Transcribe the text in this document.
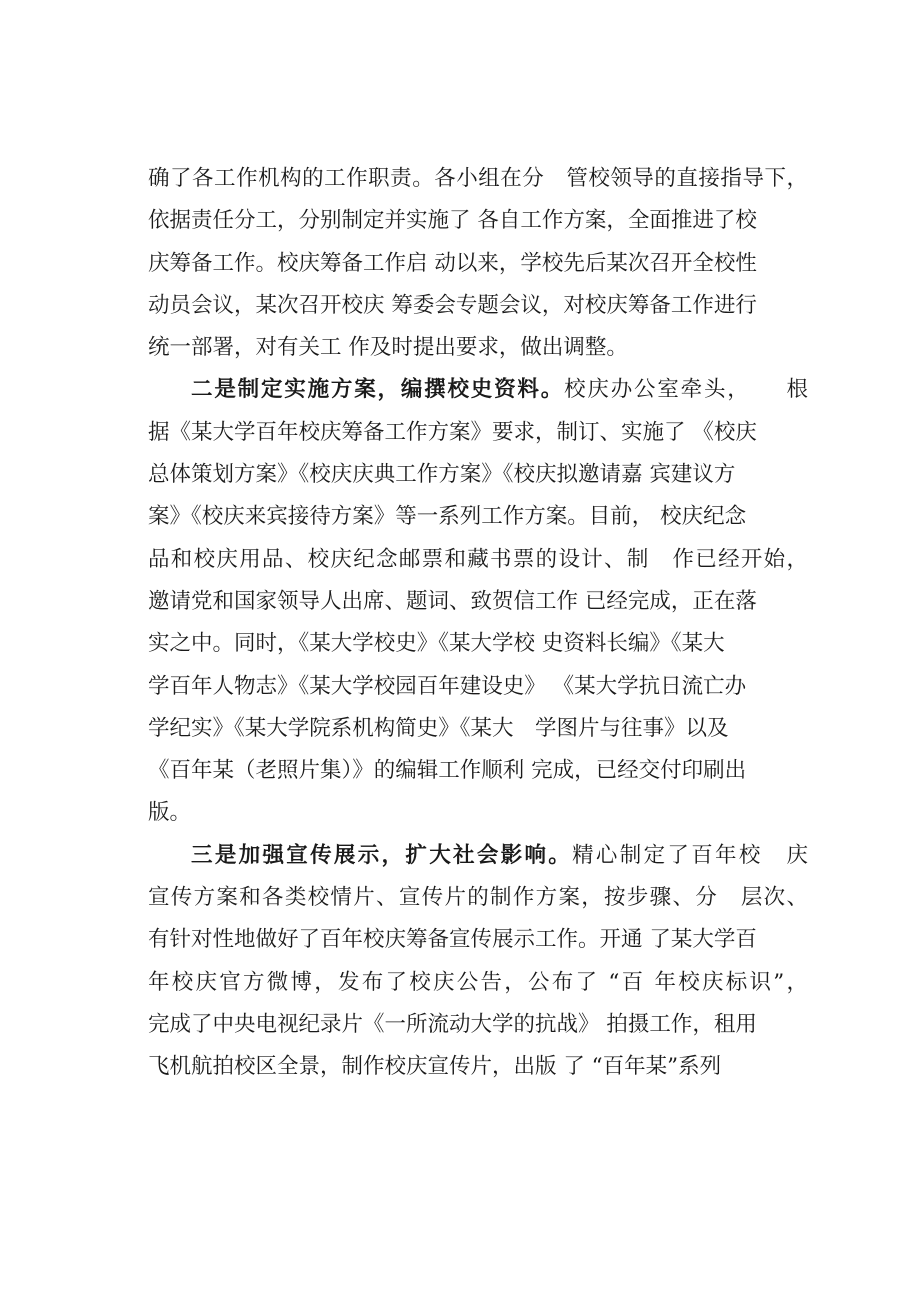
确了各工作机构的工作职责。各小组在分　管校领导的直接指导下，
依据责任分工，分别制定并实施了 各自工作方案，全面推进了校
庆筹备工作。校庆筹备工作启 动以来，学校先后某次召开全校性
动员会议，某次召开校庆 筹委会专题会议，对校庆筹备工作进行
统一部署，对有关工 作及时提出要求，做出调整。
二是制定实施方案，编撰校史资料。校庆办公室牵头，　　根
据《某大学百年校庆筹备工作方案》要求，制订、实施了 《校庆
总体策划方案》《校庆庆典工作方案》《校庆拟邀请嘉 宾建议方
案》《校庆来宾接待方案》等一系列工作方案。目前， 校庆纪念
品和校庆用品、校庆纪念邮票和藏书票的设计、制　作已经开始，
邀请党和国家领导人出席、题词、致贺信工作 已经完成，正在落
实之中。同时，《某大学校史》《某大学校 史资料长编》《某大
学百年人物志》《某大学校园百年建设史》 《某大学抗日流亡办
学纪实》《某大学院系机构简史》《某大　学图片与往事》以及
《百年某（老照片集）》的编辑工作顺利 完成，已经交付印刷出
版。
三是加强宣传展示，扩大社会影响。精心制定了百年校　庆
宣传方案和各类校情片、宣传片的制作方案，按步骤、分　层次、
有针对性地做好了百年校庆筹备宣传展示工作。开通 了某大学百
年校庆官方微博，发布了校庆公告，公布了 “百 年校庆标识”，
完成了中央电视纪录片《一所流动大学的抗战》 拍摄工作，租用
飞机航拍校区全景，制作校庆宣传片，出版 了 “百年某”系列
